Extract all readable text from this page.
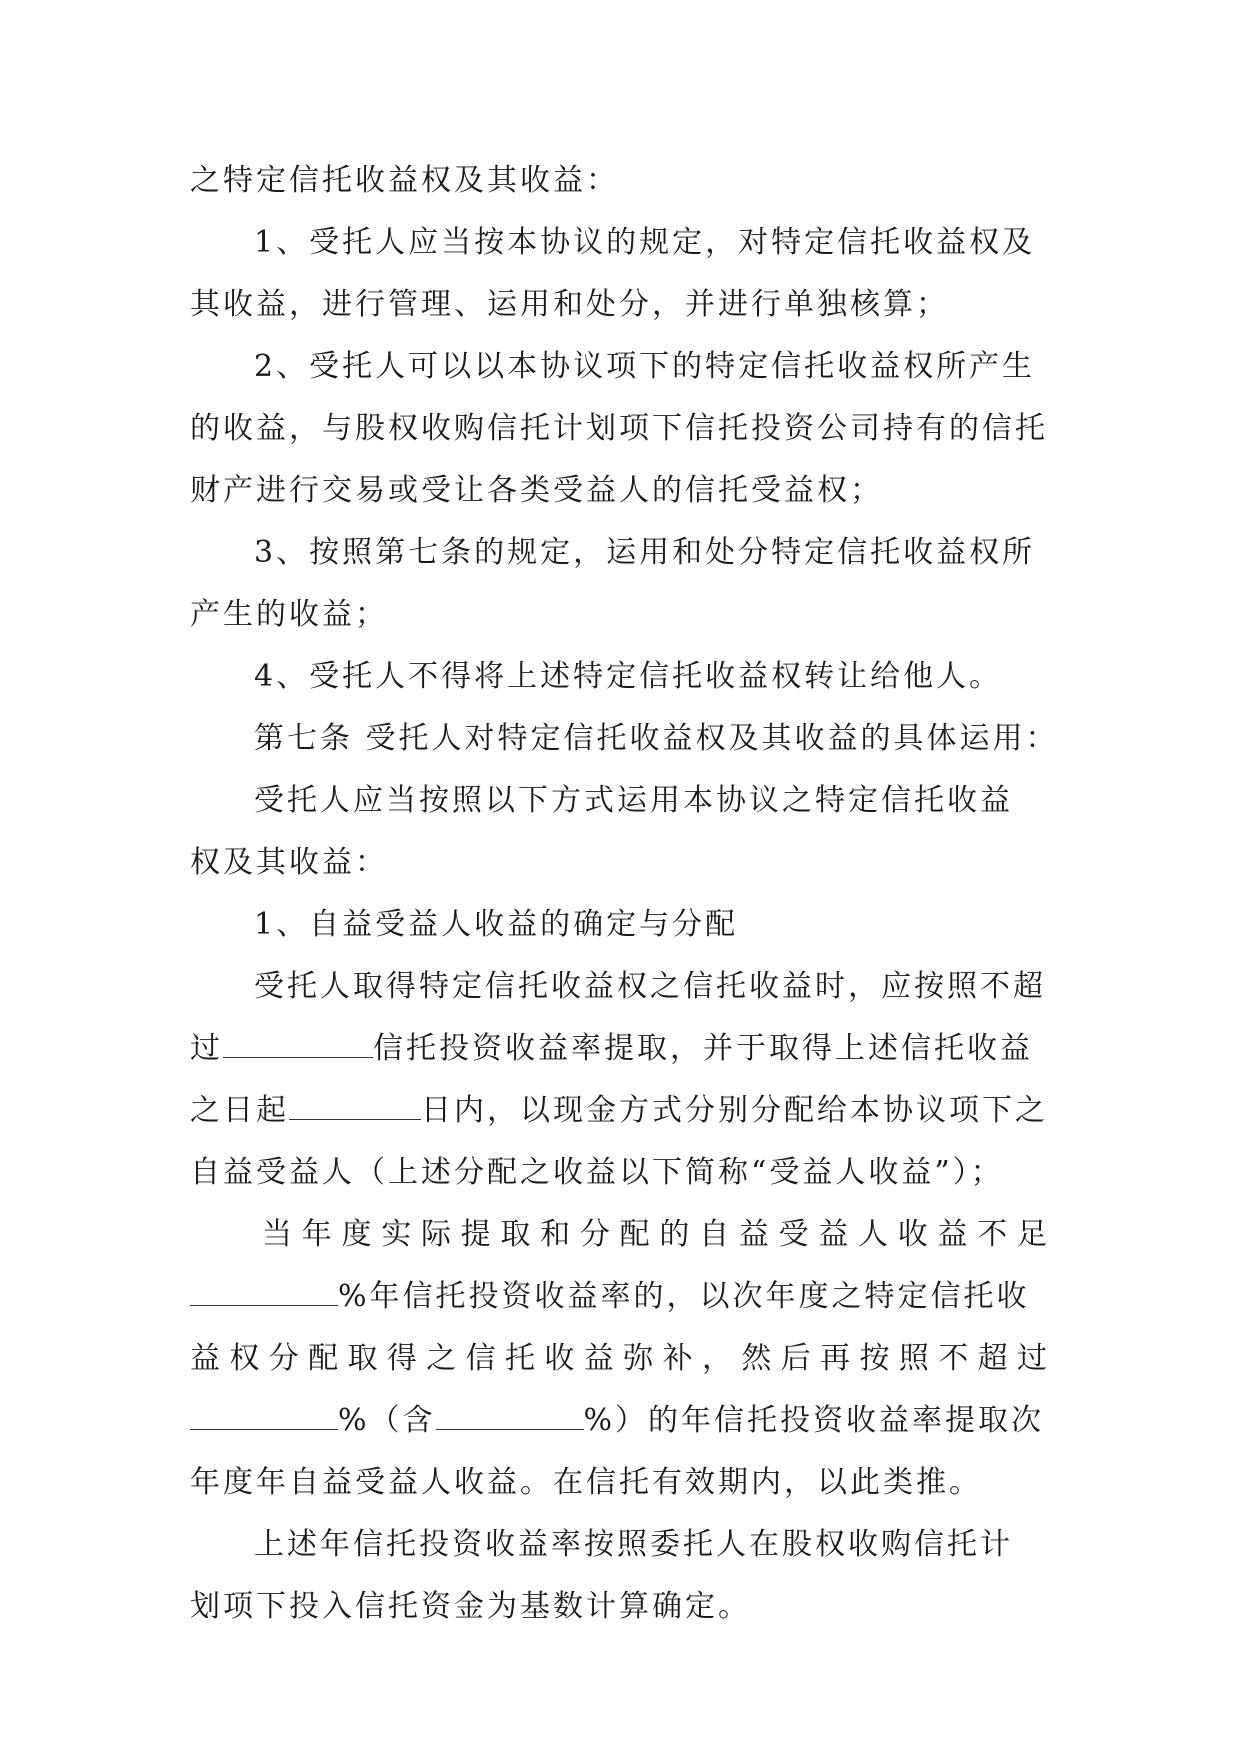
之特定信托收益权及其收益：
1、受托人应当按本协议的规定，对特定信托收益权及
其收益，进行管理、运用和处分，并进行单独核算；
2、受托人可以以本协议项下的特定信托收益权所产生
的收益，与股权收购信托计划项下信托投资公司持有的信托
财产进行交易或受让各类受益人的信托受益权；
3、按照第七条的规定，运用和处分特定信托收益权所
产生的收益；
4、受托人不得将上述特定信托收益权转让给他人。
第七条 受托人对特定信托收益权及其收益的具体运用：
受托人应当按照以下方式运用本协议之特定信托收益
权及其收益：
1、自益受益人收益的确定与分配
受托人取得特定信托收益权之信托收益时，应按照不超
过	信托投资收益率提取，并于取得上述信托收益
之日起	日内，以现金方式分别分配给本协议项下之
自益受益人（上述分配之收益以下简称“受益人收益”）；
当年度实际提取和分配的自益受益人收益不足
%年信托投资收益率的，以次年度之特定信托收
益权分配取得之信托收益弥补，然后再按照不超过
%（含	%）的年信托投资收益率提取次
年度年自益受益人收益。在信托有效期内，以此类推。
上述年信托投资收益率按照委托人在股权收购信托计
划项下投入信托资金为基数计算确定。
